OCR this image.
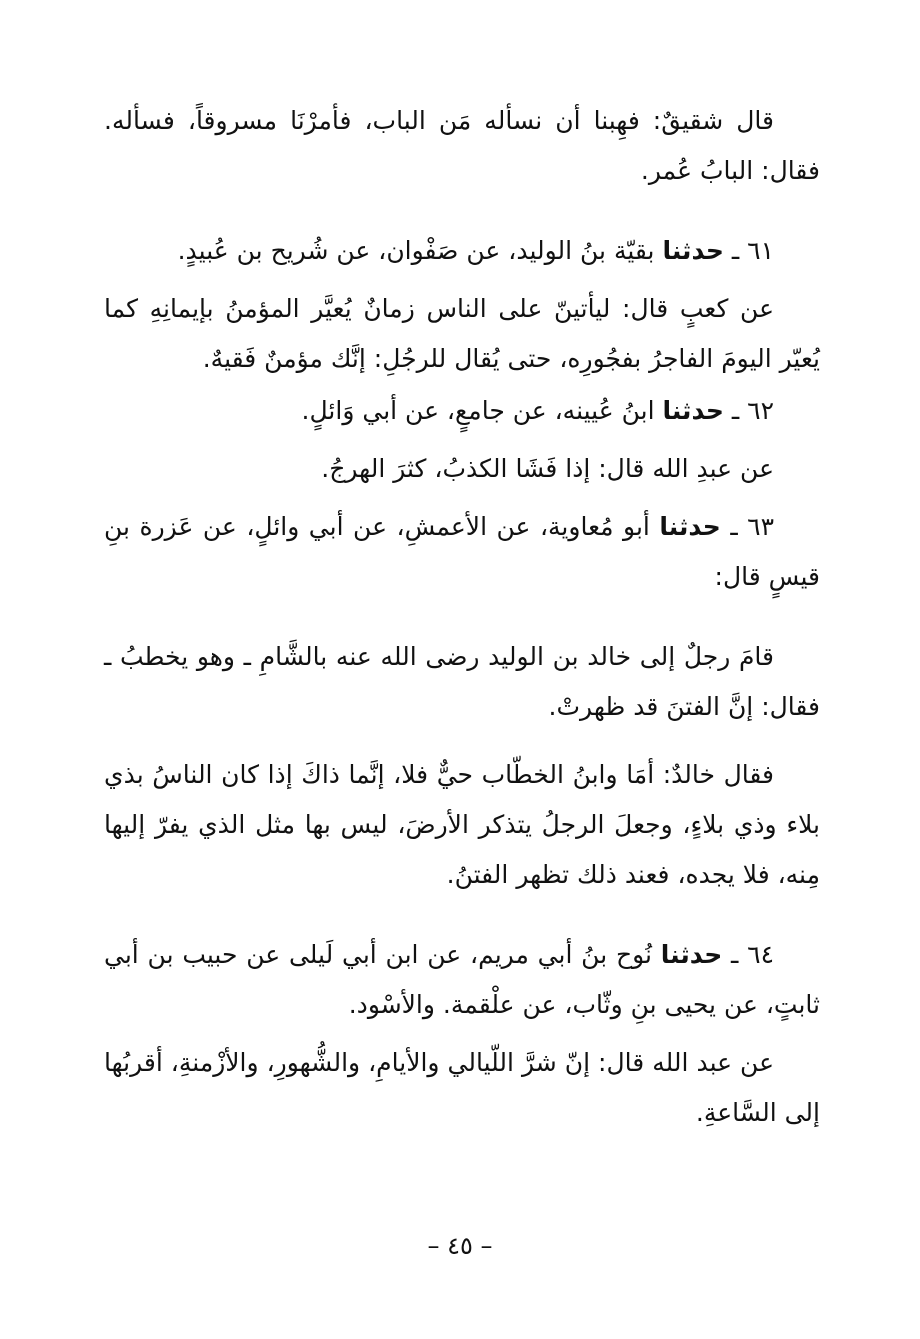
قال شقيقٌ: فهِبنا أن نسأله مَن الباب، فأمرْنَا مسروقاً، فسأله. فقال: البابُ عُمر.

٦١ ـ حدثنا بقيّة بنُ الوليد، عن صَفْوان، عن شُريح بن عُبيدٍ.

عن كعبٍ قال: ليأتينّ على الناس زمانٌ يُعيَّر المؤمنُ بإيمانِهِ كما يُعيّر اليومَ الفاجرُ بفجُورِه، حتى يُقال للرجُلِ: إنَّك مؤمنٌ فَقيهٌ.

٦٢ ـ حدثنا ابنُ عُيينه، عن جامعٍ، عن أبي وَائلٍ.

عن عبدِ الله قال: إذا فَشَا الكذبُ، كثرَ الهرجُ.

٦٣ ـ حدثنا أبو مُعاوية، عن الأعمشِ، عن أبي وائلٍ، عن عَزرة بنِ قيسٍ قال:

قامَ رجلٌ إلى خالد بن الوليد رضى الله عنه بالشَّامِ ـ وهو يخطبُ ـ فقال: إنَّ الفتنَ قد ظهرتْ.

فقال خالدٌ: أمَا وابنُ الخطّاب حيٌّ فلا، إنَّما ذاكَ إذا كان الناسُ بذي بلاء وذي بلاءٍ، وجعلَ الرجلُ يتذكر الأرضَ، ليس بها مثل الذي يفرّ إليها مِنه، فلا يجده، فعند ذلك تظهر الفتنُ.

٦٤ ـ حدثنا نُوح بنُ أبي مريم، عن ابن أبي لَيلى عن حبيب بن أبي ثابتٍ، عن يحيى بنِ وثّاب، عن علْقمة. والأسْود.

عن عبد الله قال: إنّ شرَّ اللّيالي والأيامِ، والشُّهورِ، والأزْمنةِ، أقربُها إلى السَّاعةِ.

– ٤٥ –
